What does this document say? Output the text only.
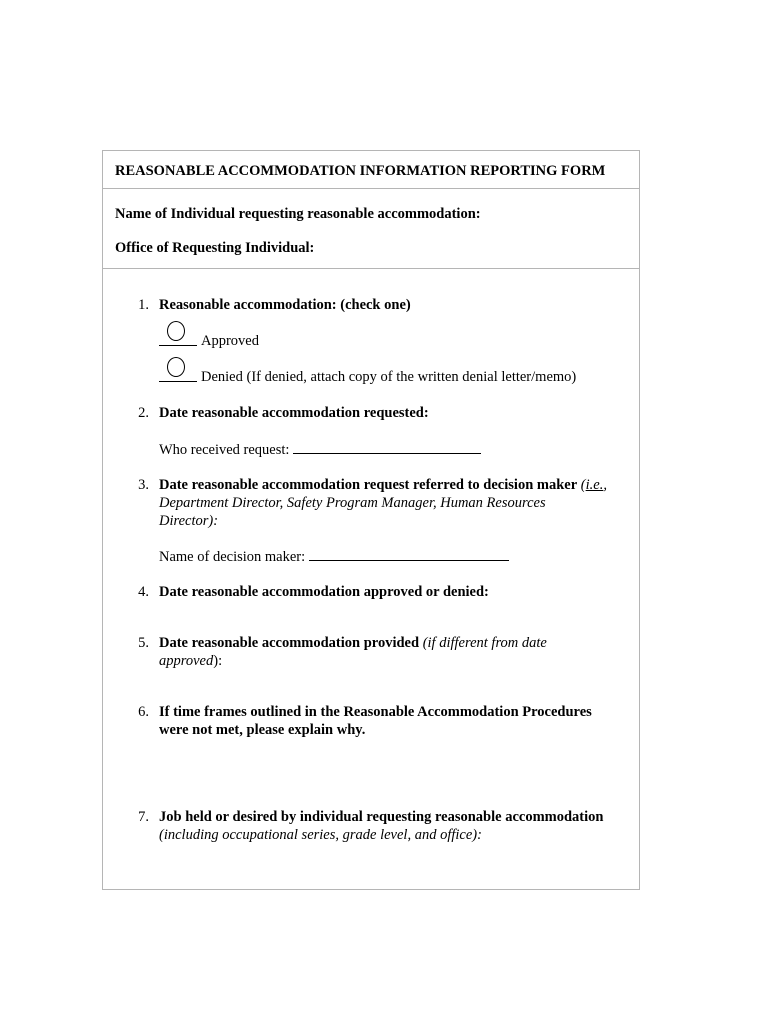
REASONABLE ACCOMMODATION INFORMATION REPORTING FORM
Name of Individual requesting reasonable accommodation:
Office of Requesting Individual:
1. Reasonable accommodation: (check one)
Approved
Denied (If denied, attach copy of the written denial letter/memo)
2. Date reasonable accommodation requested:
Who received request:
3. Date reasonable accommodation request referred to decision maker (i.e.,
Department Director, Safety Program Manager, Human Resources
Director):
Name of decision maker:
4. Date reasonable accommodation approved or denied:
5. Date reasonable accommodation provided (if different from date
approved):
6. If time frames outlined in the Reasonable Accommodation Procedures
were not met, please explain why.
7. Job held or desired by individual requesting reasonable accommodation
(including occupational series, grade level, and office):
